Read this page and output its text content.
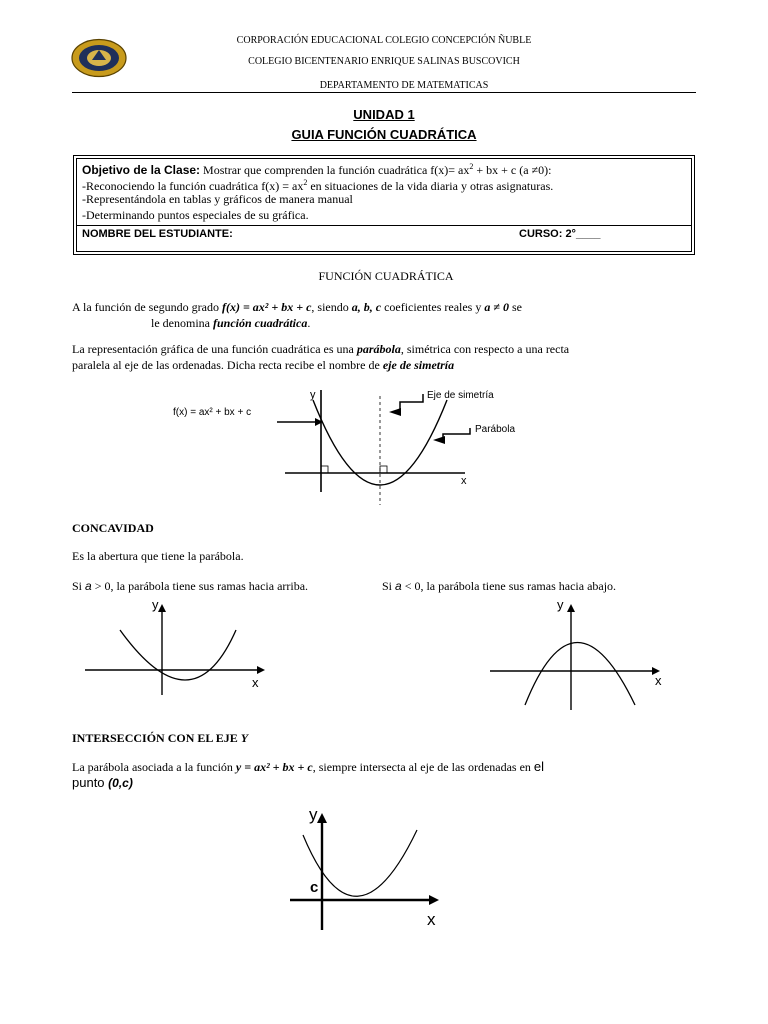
CORPORACIÓN EDUCACIONAL COLEGIO CONCEPCIÓN ÑUBLE
COLEGIO BICENTENARIO ENRIQUE SALINAS BUSCOVICH
DEPARTAMENTO DE MATEMATICAS
UNIDAD 1
GUIA FUNCIÓN CUADRÁTICA
Objetivo de la Clase: Mostrar que comprenden la función cuadrática $f(x)= ax^2$ + bx + c (a ≠0):
-Reconociendo la función cuadrática $f(x) = ax^2$ en situaciones de la vida diaria y otras asignaturas.
-Representándola en tablas y gráficos de manera manual
-Determinando puntos especiales de su gráfica.
NOMBRE DEL ESTUDIANTE:	CURSO: 2°____
FUNCIÓN CUADRÁTICA
A la función de segundo grado f(x) = ax² + bx + c, siendo a, b, c coeficientes reales y a ≠ 0 se
le denomina función cuadrática.
La representación gráfica de una función cuadrática es una parábola, simétrica con respecto a una recta
paralela al eje de las ordenadas. Dicha recta recibe el nombre de eje de simetría
y
x
f(x) = ax² + bx + c
Eje de simetría
Parábola
CONCAVIDAD
Es la abertura que tiene la parábola.
Si a > 0, la parábola tiene sus ramas hacia arriba.	Si a < 0, la parábola tiene sus ramas hacia abajo.
y
x
y
x
INTERSECCIÓN CON EL EJE Y
La parábola asociada a la función y = ax² + bx + c, siempre intersecta al eje de las ordenadas en el
punto (0,c)
y
x
c
